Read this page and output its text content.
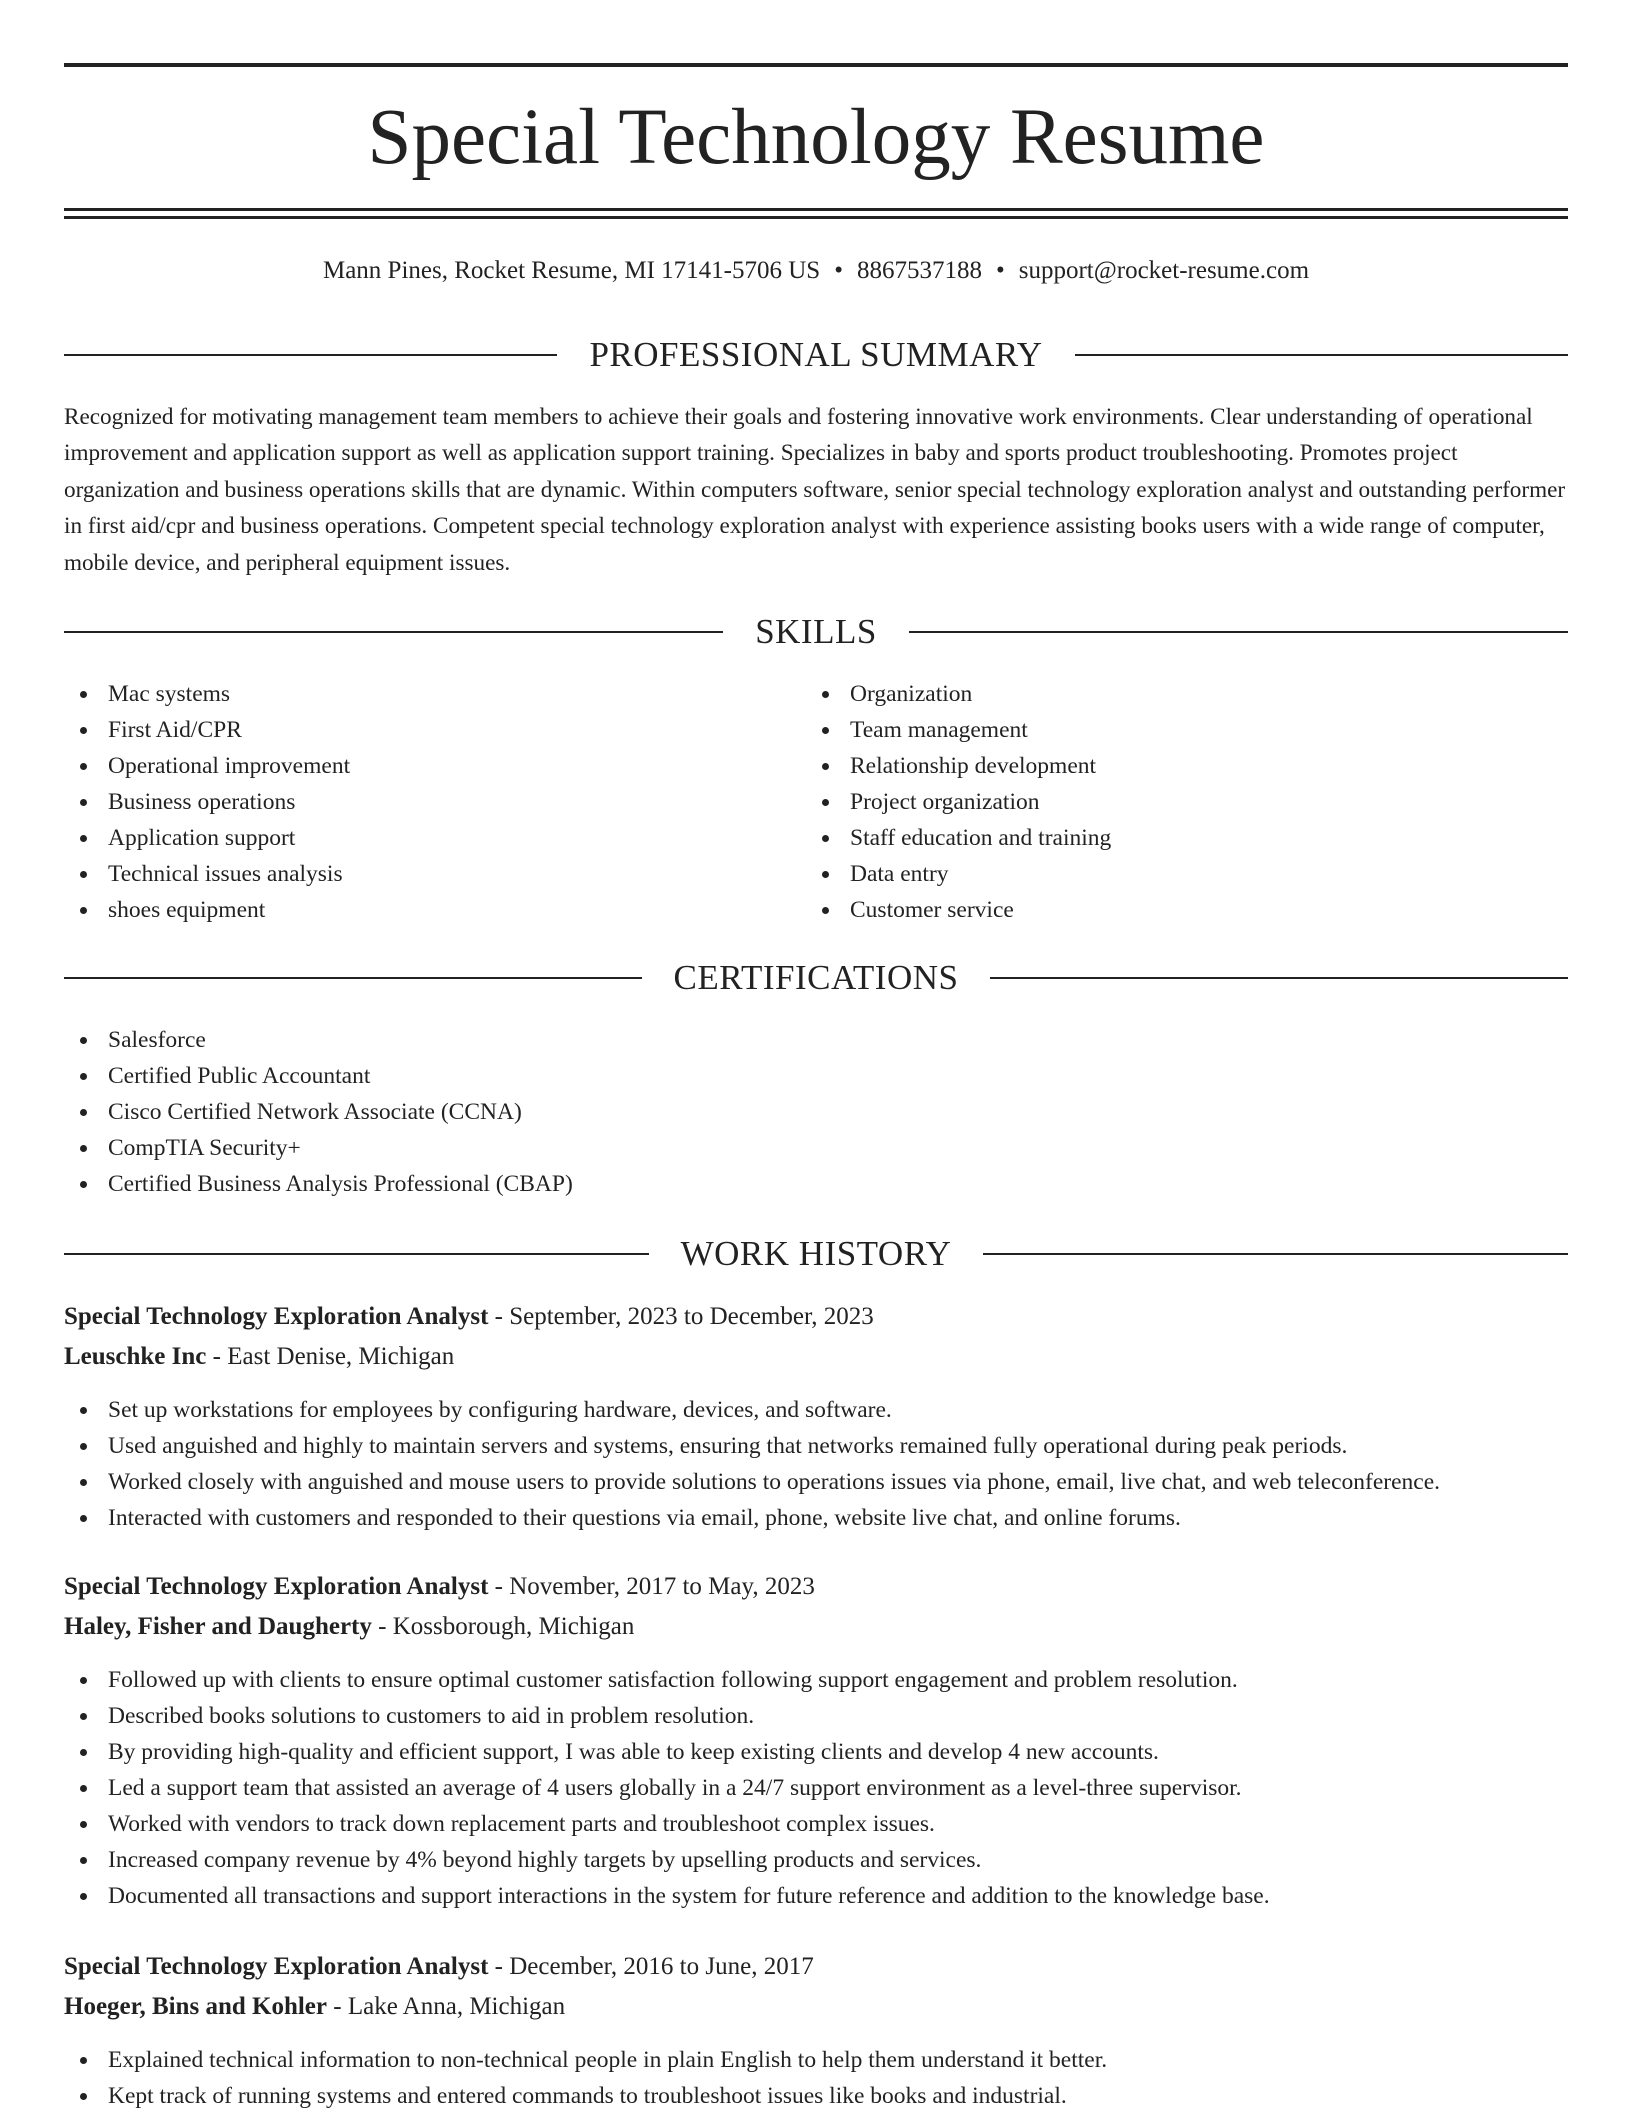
Special Technology Resume
Mann Pines, Rocket Resume, MI 17141-5706 US • 8867537188 • support@rocket-resume.com
PROFESSIONAL SUMMARY

Recognized for motivating management team members to achieve their goals and fostering innovative work environments. Clear understanding of operational improvement and application support as well as application support training. Specializes in baby and sports product troubleshooting. Promotes project organization and business operations skills that are dynamic. Within computers software, senior special technology exploration analyst and outstanding performer in first aid/cpr and business operations. Competent special technology exploration analyst with experience assisting books users with a wide range of computer, mobile device, and peripheral equipment issues.

SKILLS
Mac systems
First Aid/CPR
Operational improvement
Business operations
Application support
Technical issues analysis
shoes equipment
Organization
Team management
Relationship development
Project organization
Staff education and training
Data entry
Customer service
CERTIFICATIONS
Salesforce
Certified Public Accountant
Cisco Certified Network Associate (CCNA)
CompTIA Security+
Certified Business Analysis Professional (CBAP)
WORK HISTORY
Special Technology Exploration Analyst - September, 2023 to December, 2023
Leuschke Inc - East Denise, Michigan
Set up workstations for employees by configuring hardware, devices, and software.
Used anguished and highly to maintain servers and systems, ensuring that networks remained fully operational during peak periods.
Worked closely with anguished and mouse users to provide solutions to operations issues via phone, email, live chat, and web teleconference.
Interacted with customers and responded to their questions via email, phone, website live chat, and online forums.
Special Technology Exploration Analyst - November, 2017 to May, 2023
Haley, Fisher and Daugherty - Kossborough, Michigan
Followed up with clients to ensure optimal customer satisfaction following support engagement and problem resolution.
Described books solutions to customers to aid in problem resolution.
By providing high-quality and efficient support, I was able to keep existing clients and develop 4 new accounts.
Led a support team that assisted an average of 4 users globally in a 24/7 support environment as a level-three supervisor.
Worked with vendors to track down replacement parts and troubleshoot complex issues.
Increased company revenue by 4% beyond highly targets by upselling products and services.
Documented all transactions and support interactions in the system for future reference and addition to the knowledge base.
Special Technology Exploration Analyst - December, 2016 to June, 2017
Hoeger, Bins and Kohler - Lake Anna, Michigan
Explained technical information to non-technical people in plain English to help them understand it better.
Kept track of running systems and entered commands to troubleshoot issues like books and industrial.
